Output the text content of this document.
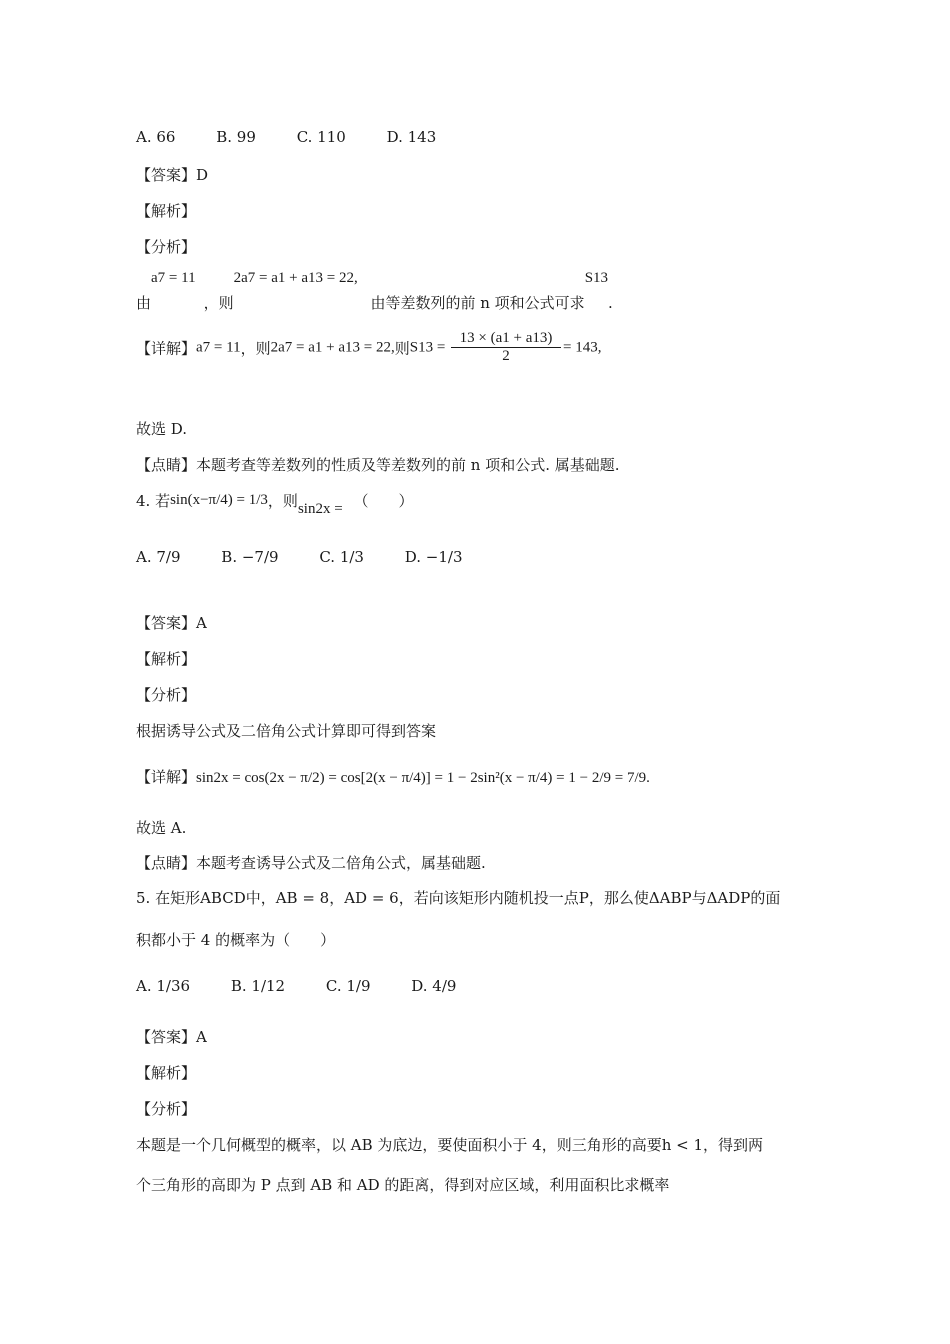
A. 66	B. 99	C. 110	D. 143
【答案】D
【解析】
【分析】
由a7 = 11，则2a7 = a1 + a13 = 22, 由等差数列的前 n 项和公式可求S13.
【详解】a7 = 11，则2a7 = a1 + a13 = 22,则$S13 = \frac{13 \times (a1 + a13)}{2} = 143$,
故选 D.
【点睛】本题考查等差数列的性质及等差数列的前 n 项和公式. 属基础题.
4. 若sin(x−π/4) = 1/3，则sin2x = （　　）
A. 7/9	B. −7/9	C. 1/3	D. −1/3
【答案】A
【解析】
【分析】
根据诱导公式及二倍角公式计算即可得到答案
【详解】sin2x = cos(2x − π/2) = cos[2(x − π/4)] = 1 − 2sin²(x − π/4) = 1 − 2/9 = 7/9.
故选 A.
【点睛】本题考查诱导公式及二倍角公式，属基础题.
5. 在矩形ABCD中，AB = 8，AD = 6，若向该矩形内随机投一点P，那么使ΔABP与ΔADP的面
积都小于 4 的概率为（　　）
A. 1/36	B. 1/12	C. 1/9	D. 4/9
【答案】A
【解析】
【分析】
本题是一个几何概型的概率，以 AB 为底边，要使面积小于 4，则三角形的高要h < 1，得到两
个三角形的高即为 P 点到 AB 和 AD 的距离，得到对应区域，利用面积比求概率
